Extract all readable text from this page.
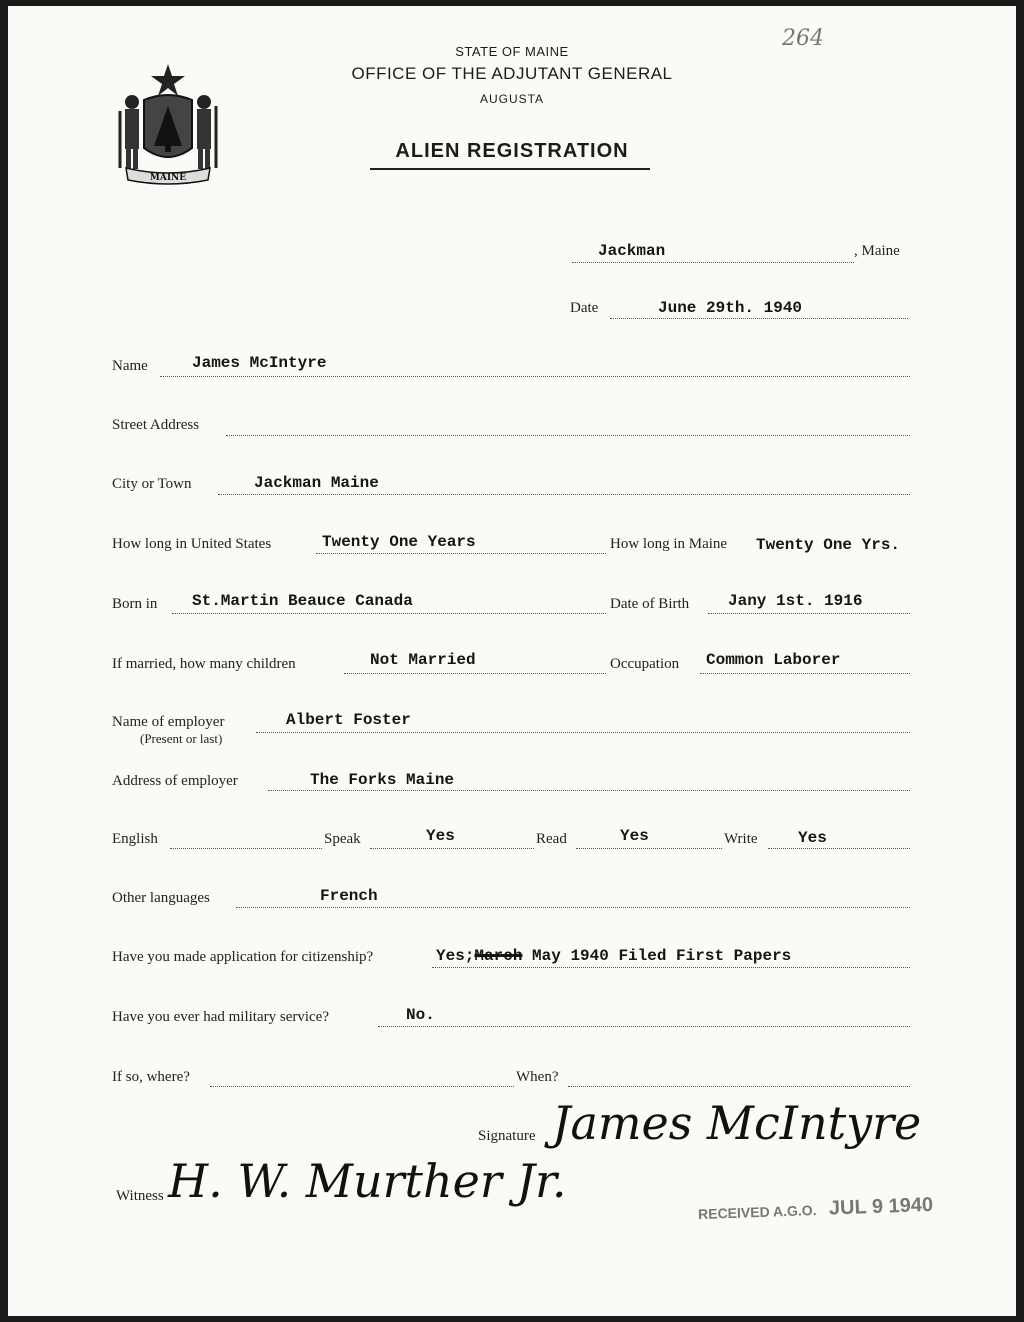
MAINE
264
STATE OF MAINE
OFFICE OF THE ADJUTANT GENERAL
AUGUSTA
ALIEN REGISTRATION
Jackman	, Maine
Date	June 29th. 1940
Name	James McIntyre
Street Address
City or Town	Jackman Maine
How long in United States	Twenty One Years	How long in Maine Twenty One Yrs.
Born in St.Martin Beauce Canada	Date of Birth Jany 1st. 1916
If married, how many children	Not Married	Occupation Common Laborer
Name of employer
(Present or last)
Albert Foster
Address of employer	The Forks Maine
English	Speak	Yes	Read	Yes	Write	Yes
Other languages	French
Have you made application for citizenship?	Yes;March May 1940 Filed First Papers
Have you ever had military service?	No.
If so, where?	When?
Signature James McIntyre
Witness H. W. Murther Jr.
RECEIVED A.G.O. JUL 9 1940
